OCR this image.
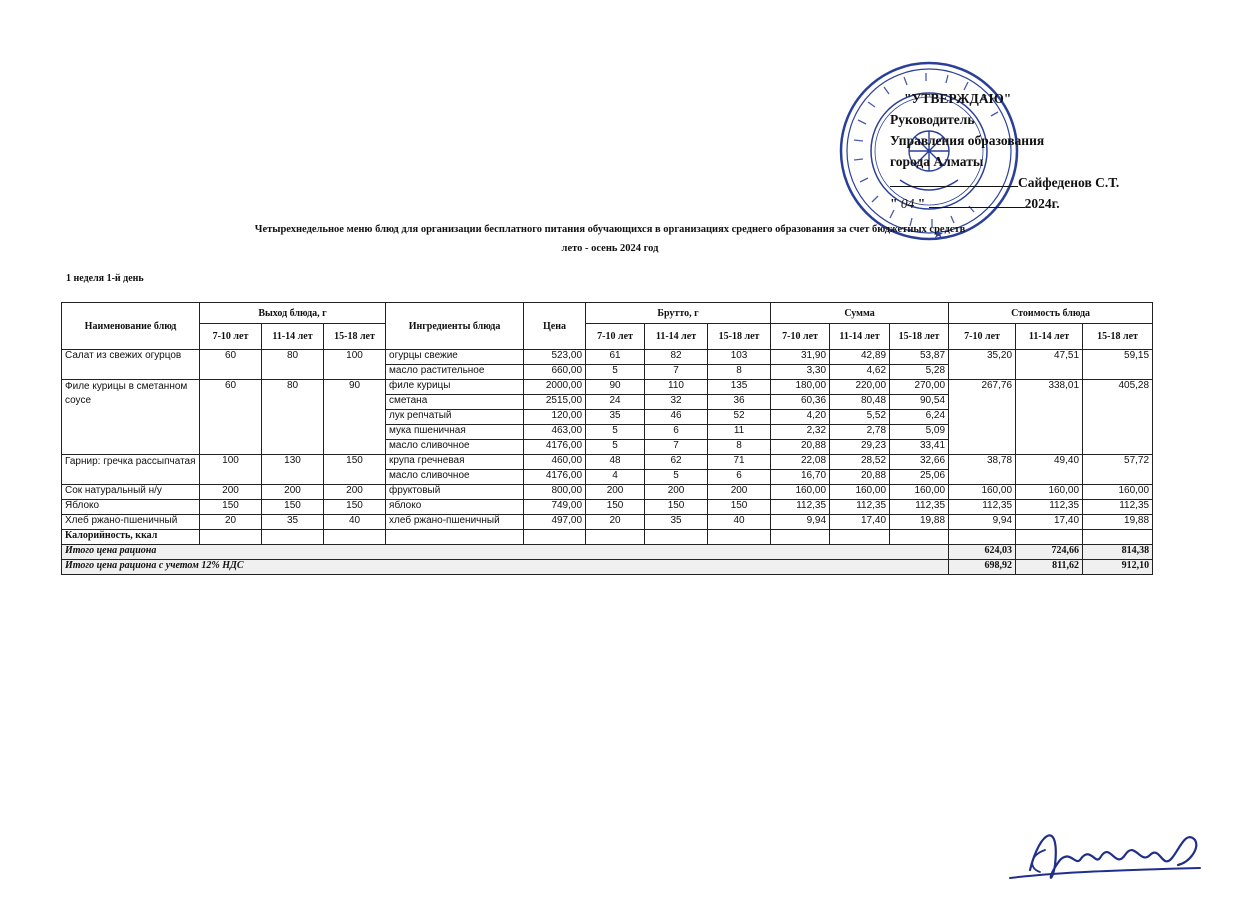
"УТВЕРЖДАЮ"
Руководитель
Управления образования
города Алматы
Сайфеденов С.Т.
" 04 "	2024г.
Четырехнедельное меню блюд для организации бесплатного питания обучающихся в организациях среднего образования за счет бюджетных средств
лето - осень 2024 год
1 неделя 1-й день
Наименование блюд	Выход блюда, г			Ингредиенты блюда	Цена	Брутто, г			Сумма			Стоимость блюда		
	7-10 лет	11-14 лет	15-18 лет			7-10 лет	11-14 лет	15-18 лет	7-10 лет	11-14 лет	15-18 лет	7-10 лет	11-14 лет	15-18 лет
Салат из свежих огурцов	60	80	100	огурцы свежие	523,00	61	82	103	31,90	42,89	53,87	35,20	47,51	59,15
				масло растительное	660,00	5	7	8	3,30	4,62	5,28			
Филе курицы в сметанном соусе	60	80	90	филе курицы	2000,00	90	110	135	180,00	220,00	270,00	267,76	338,01	405,28
				сметана	2515,00	24	32	36	60,36	80,48	90,54			
				лук репчатый	120,00	35	46	52	4,20	5,52	6,24			
				мука пшеничная	463,00	5	6	11	2,32	2,78	5,09			
				масло сливочное	4176,00	5	7	8	20,88	29,23	33,41			
Гарнир: гречка рассыпчатая	100	130	150	крупа гречневая	460,00	48	62	71	22,08	28,52	32,66	38,78	49,40	57,72
				масло сливочное	4176,00	4	5	6	16,70	20,88	25,06			
Сок натуральный н/у	200	200	200	фруктовый	800,00	200	200	200	160,00	160,00	160,00	160,00	160,00	160,00
Яблоко	150	150	150	яблоко	749,00	150	150	150	112,35	112,35	112,35	112,35	112,35	112,35
Хлеб ржано-пшеничный	20	35	40	хлеб ржано-пшеничный	497,00	20	35	40	9,94	17,40	19,88	9,94	17,40	19,88
Калорийность, ккал														
Итого цена рациона												624,03	724,66	814,38
Итого цена рациона с учетом 12% НДС												698,92	811,62	912,10
